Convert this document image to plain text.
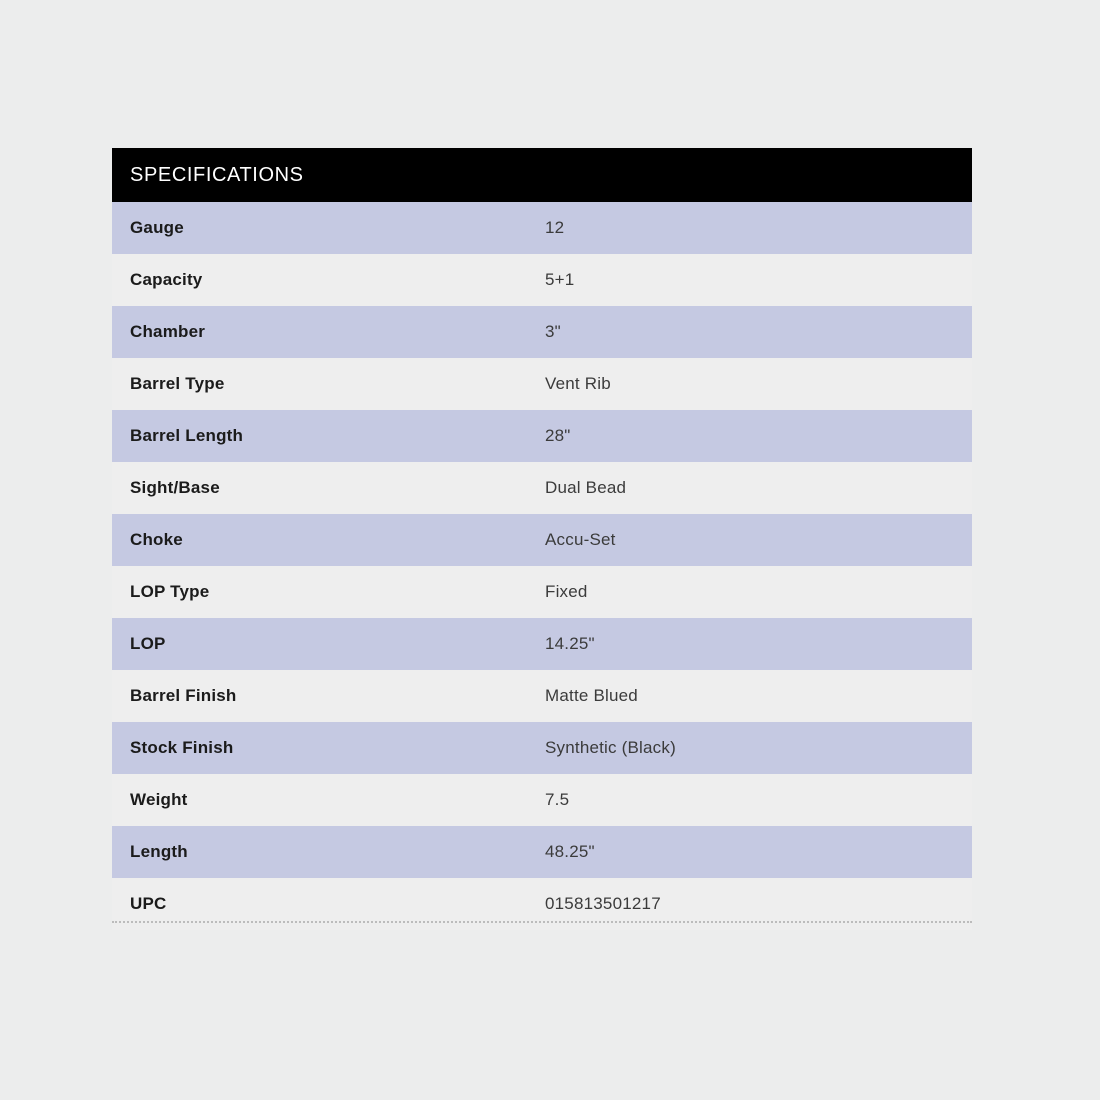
SPECIFICATIONS	
Gauge	12
Capacity	5+1
Chamber	3"
Barrel Type	Vent Rib
Barrel Length	28"
Sight/Base	Dual Bead
Choke	Accu-Set
LOP Type	Fixed
LOP	14.25"
Barrel Finish	Matte Blued
Stock Finish	Synthetic (Black)
Weight	7.5
Length	48.25"
UPC	015813501217
